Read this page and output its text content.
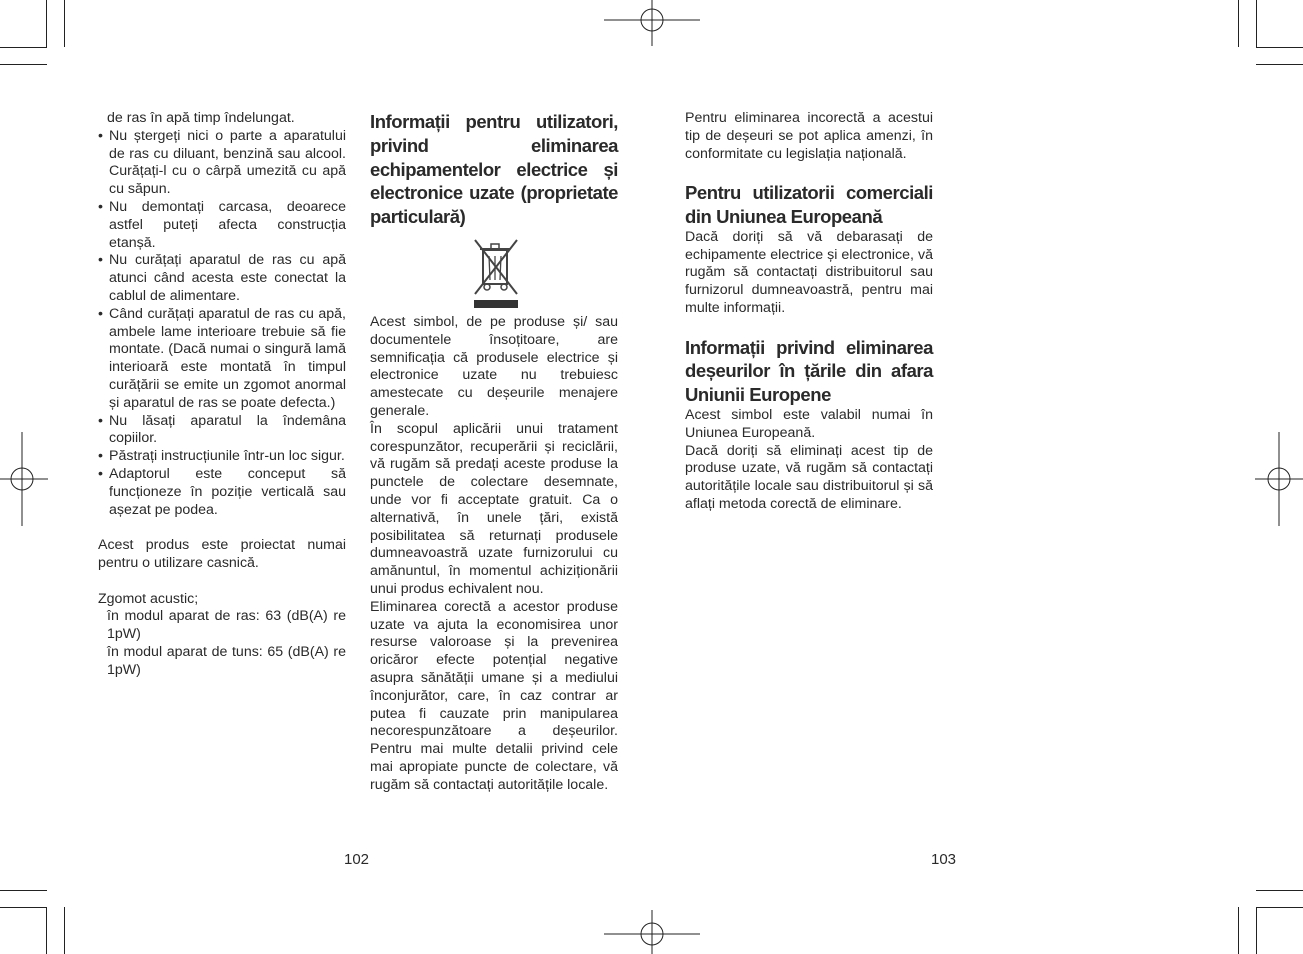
de ras în apă timp îndelungat.

• Nu ștergeți nici o parte a aparatului de ras cu diluant, benzină sau alcool. Curățați-l cu o cârpă umezită cu apă cu săpun.

• Nu demontați carcasa, deoarece astfel puteți afecta construcția etanșă.

• Nu curățați aparatul de ras cu apă atunci când acesta este conectat la cablul de alimentare.

• Când curățați aparatul de ras cu apă, ambele lame interioare trebuie să fie montate. (Dacă numai o singură lamă interioară este montată în timpul curățării se emite un zgomot anormal și aparatul de ras se poate defecta.)

• Nu lăsați aparatul la îndemâna copiilor.

• Păstrați instrucțiunile într-un loc sigur.

• Adaptorul este conceput să funcționeze în poziție verticală sau așezat pe podea.

Acest produs este proiectat numai pentru o utilizare casnică.

Zgomot acustic;

în modul aparat de ras: 63 (dB(A) re 1pW)

în modul aparat de tuns: 65 (dB(A) re 1pW)

102
Informații pentru utilizatori, privind eliminarea echipamentelor electrice și electronice uzate (proprietate particulară)

Acest simbol, de pe produse și/ sau documentele însoțitoare, are semnificația că produsele electrice și electronice uzate nu trebuiesc amestecate cu deșeurile menajere generale.

În scopul aplicării unui tratament corespunzător, recuperării și reciclării, vă rugăm să predați aceste produse la punctele de colectare desemnate, unde vor fi acceptate gratuit. Ca o alternativă, în unele țări, există posibilitatea să returnați produsele dumneavoastră uzate furnizorului cu amănuntul, în momentul achiziționării unui produs echivalent nou.

Eliminarea corectă a acestor produse uzate va ajuta la economisirea unor resurse valoroase și la prevenirea oricăror efecte potențial negative asupra sănătății umane și a mediului înconjurător, care, în caz contrar ar putea fi cauzate prin manipularea necorespunzătoare a deșeurilor. Pentru mai multe detalii privind cele mai apropiate puncte de colectare, vă rugăm să contactați autoritățile locale.

Pentru eliminarea incorectă a acestui tip de deșeuri se pot aplica amenzi, în conformitate cu legislația națională.

Pentru utilizatorii comerciali din Uniunea Europeană

Dacă doriți să vă debarasați de echipamente electrice și electronice, vă rugăm să contactați distribuitorul sau furnizorul dumneavoastră, pentru mai multe informații.

Informații privind eliminarea deșeurilor în țările din afara Uniunii Europene

Acest simbol este valabil numai în Uniunea Europeană.

Dacă doriți să eliminați acest tip de produse uzate, vă rugăm să contactați autoritățile locale sau distribuitorul și să aflați metoda corectă de eliminare.

103
